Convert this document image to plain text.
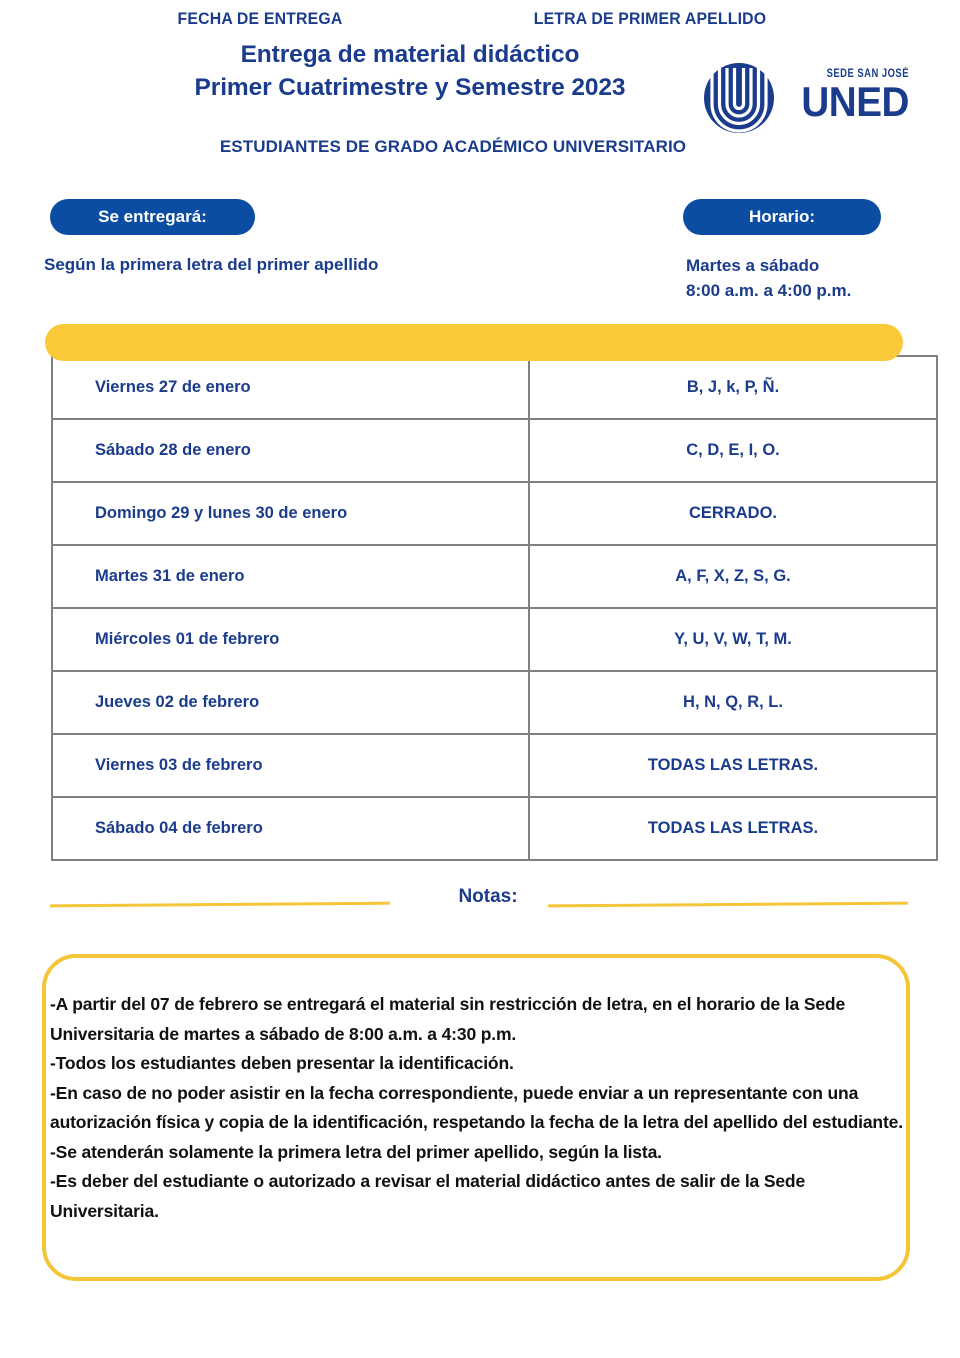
Entrega de material didáctico
Primer Cuatrimestre y Semestre 2023	SEDE SAN JOSÉ
UNED
ESTUDIANTES DE GRADO ACADÉMICO UNIVERSITARIO
Se entregará:
Según la primera letra del primer apellido
Horario:
Martes a sábado
8:00 a.m. a 4:00 p.m.
Viernes 27 de enero	B, J, k, P, Ñ.
Sábado 28 de enero	C, D, E, I, O.
Domingo 29 y lunes 30 de enero	CERRADO.
Martes 31 de enero	A, F, X, Z, S, G.
Miércoles 01 de febrero	Y, U, V, W, T, M.
Jueves 02 de febrero	H, N, Q, R, L.
Viernes 03 de febrero	TODAS LAS LETRAS.
Sábado 04 de febrero	TODAS LAS LETRAS.
FECHA DE ENTREGA	LETRA DE PRIMER APELLIDO
Notas:

-A partir del 07 de febrero se entregará el material sin restricción de letra, en el horario de la Sede Universitaria de martes a sábado de 8:00 a.m. a 4:30 p.m.

-Todos los estudiantes deben presentar la identificación.

-En caso de no poder asistir en la fecha correspondiente, puede enviar a un representante con una autorización física y copia de la identificación, respetando la fecha de la letra del apellido del estudiante.

-Se atenderán solamente la primera letra del primer apellido, según la lista.

-Es deber del estudiante o autorizado a revisar el material didáctico antes de salir de la Sede Universitaria.
